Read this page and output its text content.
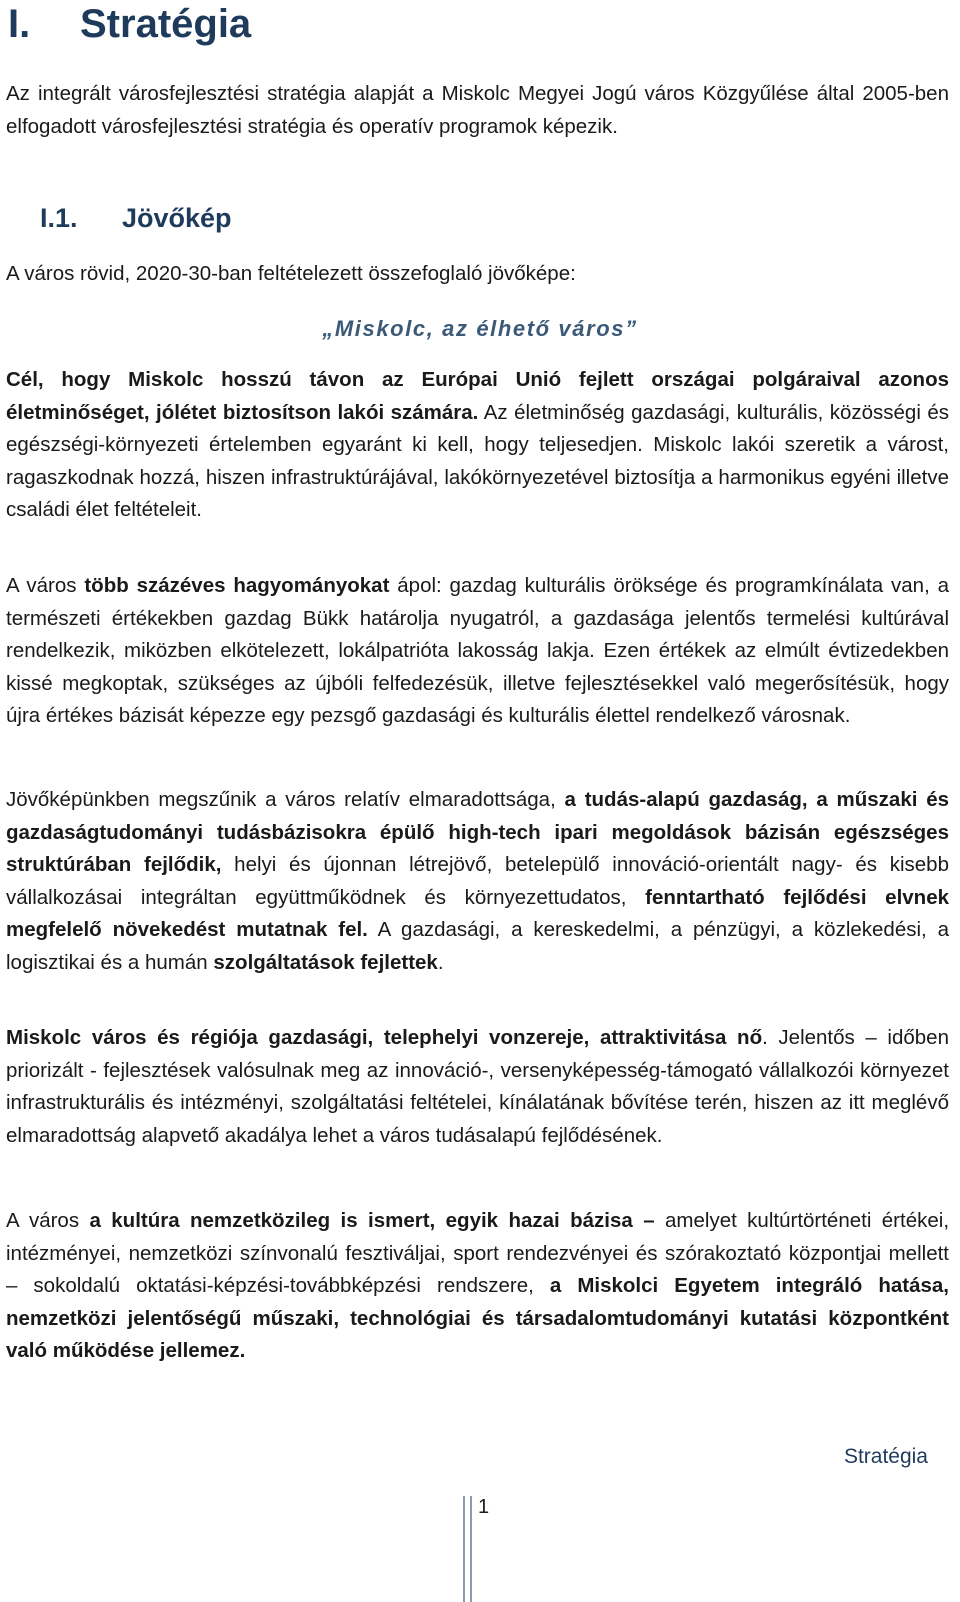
I. Stratégia

Az integrált városfejlesztési stratégia alapját a Miskolc Megyei Jogú város Közgyűlése által 2005-ben elfogadott városfejlesztési stratégia és operatív programok képezik.

I.1. Jövőkép

A város rövid, 2020-30-ban feltételezett összefoglaló jövőképe:

„Miskolc, az élhető város”

Cél, hogy Miskolc hosszú távon az Európai Unió fejlett országai polgáraival azonos életminőséget, jólétet biztosítson lakói számára. Az életminőség gazdasági, kulturális, közösségi és egészségi-környezeti értelemben egyaránt ki kell, hogy teljesedjen. Miskolc lakói szeretik a várost, ragaszkodnak hozzá, hiszen infrastruktúrájával, lakókörnyezetével biztosítja a harmonikus egyéni illetve családi élet feltételeit.

A város több százéves hagyományokat ápol: gazdag kulturális öröksége és programkínálata van, a természeti értékekben gazdag Bükk határolja nyugatról, a gazdasága jelentős termelési kultúrával rendelkezik, miközben elkötelezett, lokálpatrióta lakosság lakja. Ezen értékek az elmúlt évtizedekben kissé megkoptak, szükséges az újbóli felfedezésük, illetve fejlesztésekkel való megerősítésük, hogy újra értékes bázisát képezze egy pezsgő gazdasági és kulturális élettel rendelkező városnak.

Jövőképünkben megszűnik a város relatív elmaradottsága, a tudás-alapú gazdaság, a műszaki és gazdaságtudományi tudásbázisokra épülő high-tech ipari megoldások bázisán egészséges struktúrában fejlődik, helyi és újonnan létrejövő, betelepülő innováció-orientált nagy- és kisebb vállalkozásai integráltan együttműködnek és környezettudatos, fenntartható fejlődési elvnek megfelelő növekedést mutatnak fel. A gazdasági, a kereskedelmi, a pénzügyi, a közlekedési, a logisztikai és a humán szolgáltatások fejlettek.

Miskolc város és régiója gazdasági, telephelyi vonzereje, attraktivitása nő. Jelentős – időben priorizált - fejlesztések valósulnak meg az innováció-, versenyképesség-támogató vállalkozói környezet infrastrukturális és intézményi, szolgáltatási feltételei, kínálatának bővítése terén, hiszen az itt meglévő elmaradottság alapvető akadálya lehet a város tudásalapú fejlődésének.

A város a kultúra nemzetközileg is ismert, egyik hazai bázisa – amelyet kultúrtörténeti értékei, intézményei, nemzetközi színvonalú fesztiváljai, sport rendezvényei és szórakoztató központjai mellett – sokoldalú oktatási-képzési-továbbképzési rendszere, a Miskolci Egyetem integráló hatása, nemzetközi jelentőségű műszaki, technológiai és társadalomtudományi kutatási központként való működése jellemez.

Stratégia

1
